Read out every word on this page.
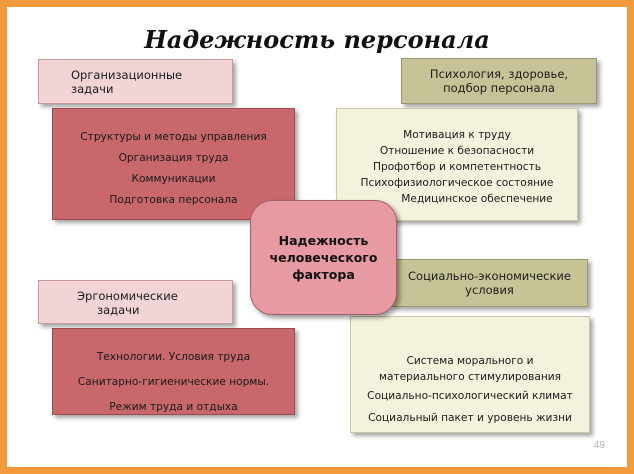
Надежность персонала
Организационные
задачи
Структуры и методы управления
Организация труда
Коммуникации
Подготовка персонала
Психология, здоровье,
подбор персонала
Мотивация к труду
Отношение к безопасности
Профотбор и компетентность
Психофизиологическое состояние
Медицинское обеспечение
Эргономические
задачи
Технологии. Условия труда
Санитарно-гигиенические нормы.
Режим труда и отдыха
Социально-экономические
условия
Система морального и
материального стимулирования
Социально-психологический климат
Социальный пакет и уровень жизни
Надежность
человеческого
фактора
49
